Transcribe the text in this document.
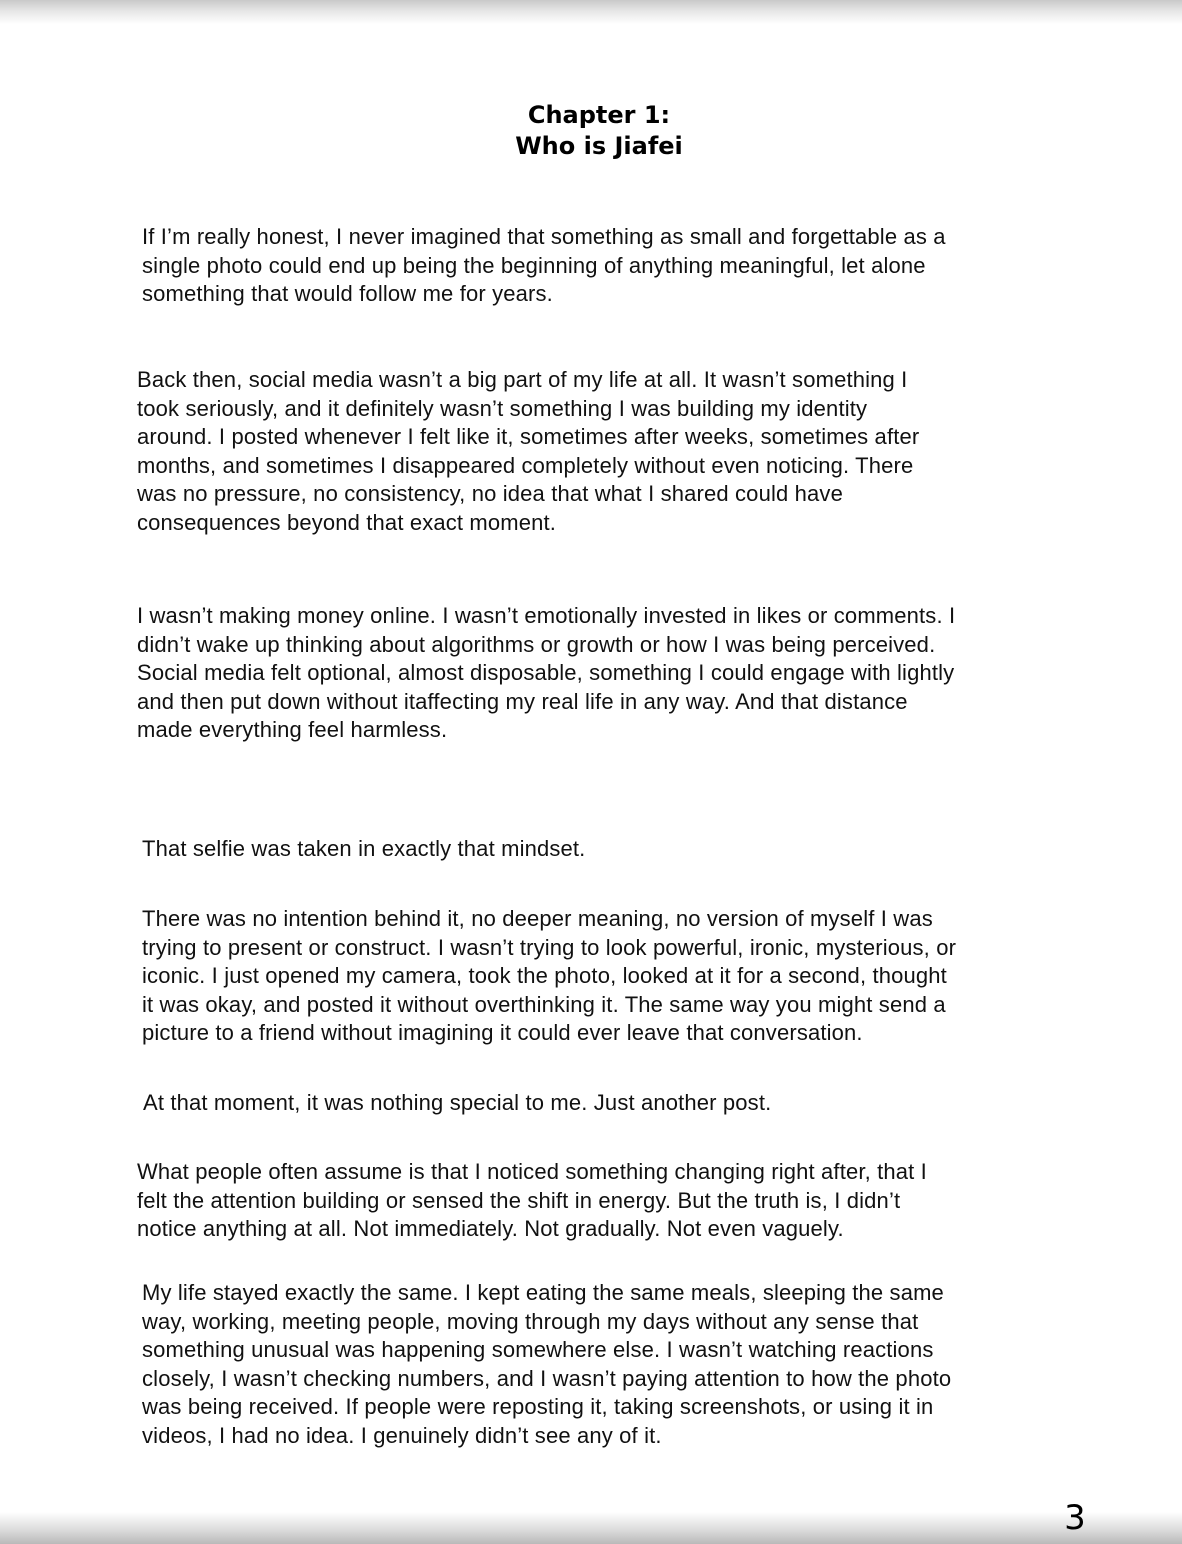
Chapter 1:
Who is Jiafei

If I’m really honest, I never imagined that something as small and forgettable as a
single photo could end up being the beginning of anything meaningful, let alone
something that would follow me for years.

Back then, social media wasn’t a big part of my life at all. It wasn’t something I
took seriously, and it definitely wasn’t something I was building my identity
around. I posted whenever I felt like it, sometimes after weeks, sometimes after
months, and sometimes I disappeared completely without even noticing. There
was no pressure, no consistency, no idea that what I shared could have
consequences beyond that exact moment.

I wasn’t making money online. I wasn’t emotionally invested in likes or comments. I
didn’t wake up thinking about algorithms or growth or how I was being perceived.
Social media felt optional, almost disposable, something I could engage with lightly
and then put down without itaffecting my real life in any way. And that distance
made everything feel harmless.

That selfie was taken in exactly that mindset.

There was no intention behind it, no deeper meaning, no version of myself I was
trying to present or construct. I wasn’t trying to look powerful, ironic, mysterious, or
iconic. I just opened my camera, took the photo, looked at it for a second, thought
it was okay, and posted it without overthinking it. The same way you might send a
picture to a friend without imagining it could ever leave that conversation.

At that moment, it was nothing special to me. Just another post.

What people often assume is that I noticed something changing right after, that I
felt the attention building or sensed the shift in energy. But the truth is, I didn’t
notice anything at all. Not immediately. Not gradually. Not even vaguely.

My life stayed exactly the same. I kept eating the same meals, sleeping the same
way, working, meeting people, moving through my days without any sense that
something unusual was happening somewhere else. I wasn’t watching reactions
closely, I wasn’t checking numbers, and I wasn’t paying attention to how the photo
was being received. If people were reposting it, taking screenshots, or using it in
videos, I had no idea. I genuinely didn’t see any of it.

3
